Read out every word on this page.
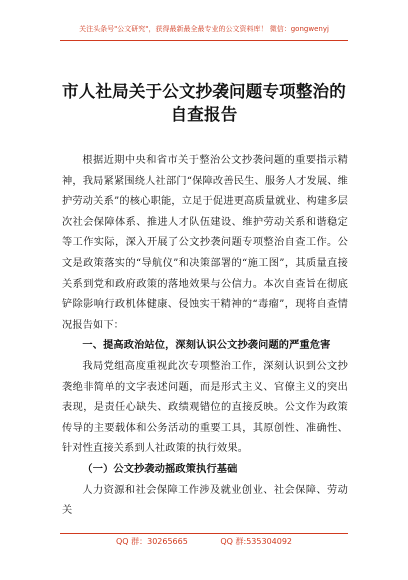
关注头条号"公文研究"，获得最新最全最专业的公文资料库！ 微信：gongwenyj
市人社局关于公文抄袭问题专项整治的自查报告

根据近期中央和省市关于整治公文抄袭问题的重要指示精神，我局紧紧围绕人社部门“保障改善民生、服务人才发展、维护劳动关系”的核心职能，立足于促进更高质量就业、构建多层次社会保障体系、推进人才队伍建设、维护劳动关系和谐稳定等工作实际，深入开展了公文抄袭问题专项整治自查工作。公文是政策落实的“导航仪”和决策部署的“施工图”，其质量直接关系到党和政府政策的落地效果与公信力。本次自查旨在彻底铲除影响行政机体健康、侵蚀实干精神的“毒瘤”，现将自查情况报告如下：

一、提高政治站位，深刻认识公文抄袭问题的严重危害

我局党组高度重视此次专项整治工作，深刻认识到公文抄袭绝非简单的文字表述问题，而是形式主义、官僚主义的突出表现，是责任心缺失、政绩观错位的直接反映。公文作为政策传导的主要载体和公务活动的重要工具，其原创性、准确性、针对性直接关系到人社政策的执行效果。

（一）公文抄袭动摇政策执行基础

人力资源和社会保障工作涉及就业创业、社会保障、劳动关

QQ 群：30265665	QQ 群:535304092
